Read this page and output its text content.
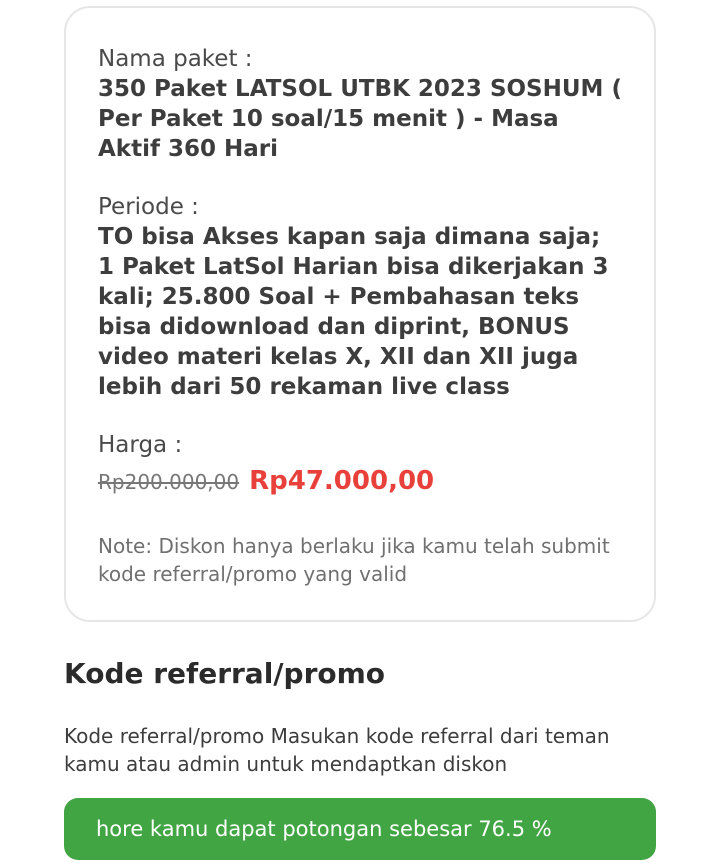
Nama paket :
350 Paket LATSOL UTBK 2023 SOSHUM ( Per Paket 10 soal/15 menit ) - Masa Aktif 360 Hari
Periode :
TO bisa Akses kapan saja dimana saja; 1 Paket LatSol Harian bisa dikerjakan 3 kali; 25.800 Soal + Pembahasan teks bisa didownload dan diprint, BONUS video materi kelas X, XII dan XII juga lebih dari 50 rekaman live class
Harga :
Rp200.000,00 Rp47.000,00
Note: Diskon hanya berlaku jika kamu telah submit kode referral/promo yang valid
Kode referral/promo
Kode referral/promo Masukan kode referral dari teman kamu atau admin untuk mendaptkan diskon
hore kamu dapat potongan sebesar 76.5 %
